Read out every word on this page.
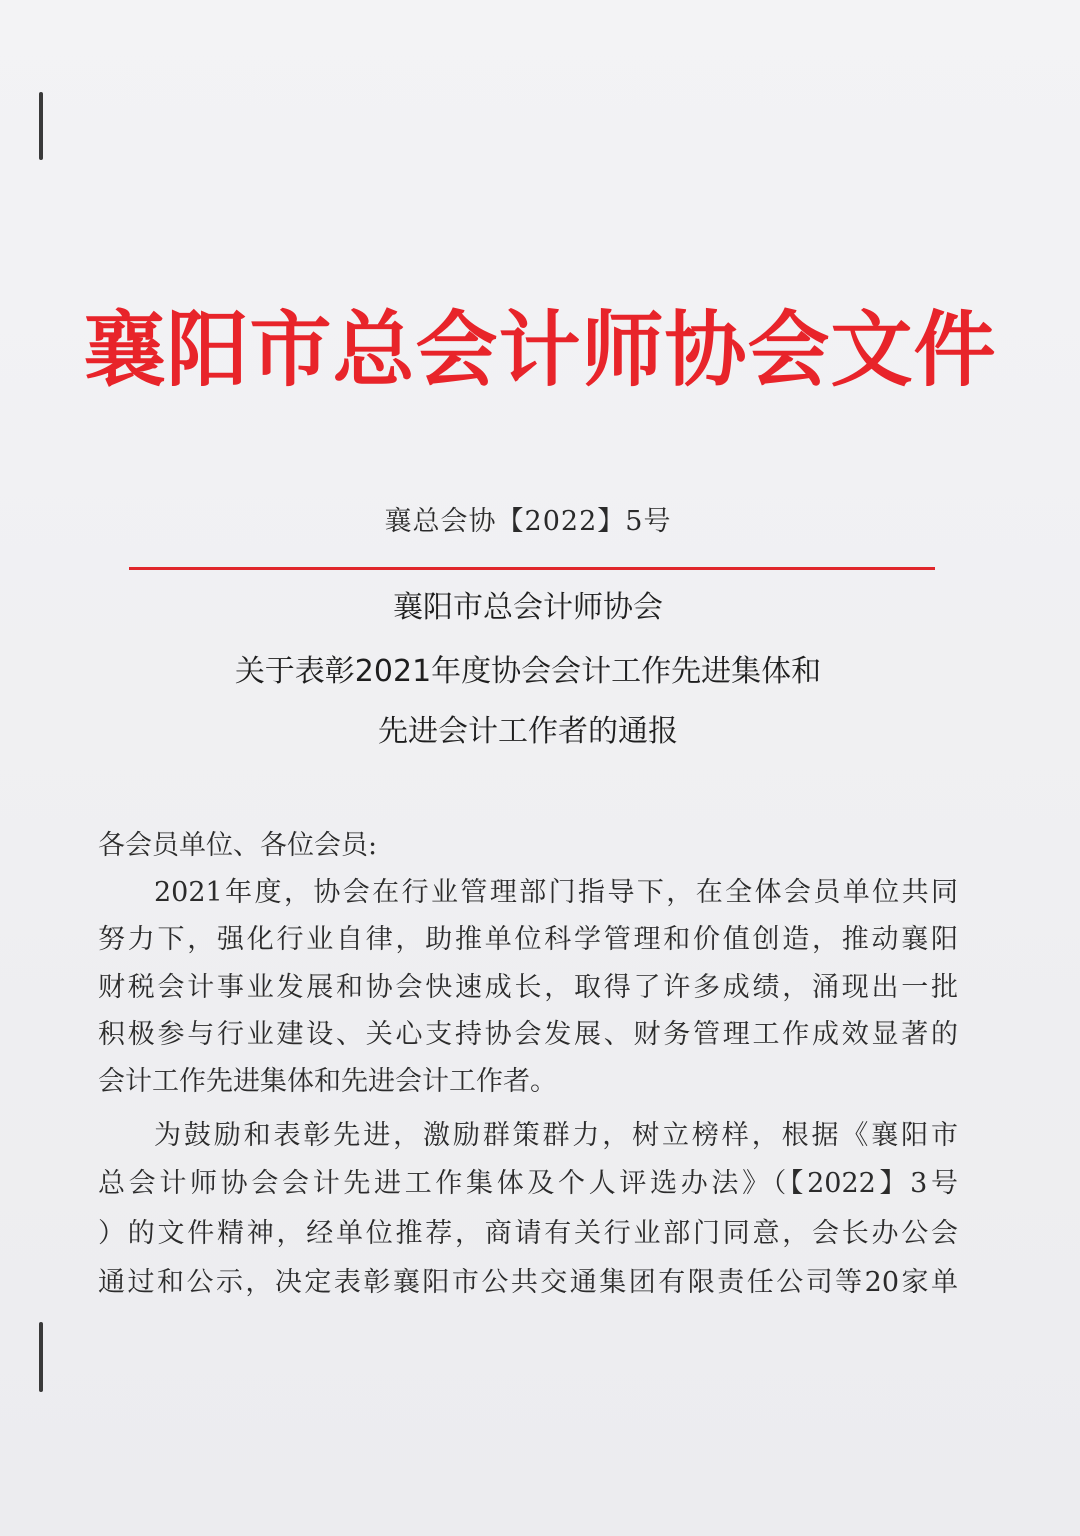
襄阳市总会计师协会文件
襄总会协【2022】5号
襄阳市总会计师协会
关于表彰2021年度协会会计工作先进集体和
先进会计工作者的通报
各会员单位、各位会员:
2021年度，协会在行业管理部门指导下，在全体会员单位共同
努力下，强化行业自律，助推单位科学管理和价值创造，推动襄阳
财税会计事业发展和协会快速成长，取得了许多成绩，涌现出一批
积极参与行业建设、关心支持协会发展、财务管理工作成效显著的
会计工作先进集体和先进会计工作者。
为鼓励和表彰先进，激励群策群力，树立榜样，根据《襄阳市
总会计师协会会计先进工作集体及个人评选办法》（【2022】3号
）的文件精神，经单位推荐，商请有关行业部门同意，会长办公会
通过和公示，决定表彰襄阳市公共交通集团有限责任公司等20家单
